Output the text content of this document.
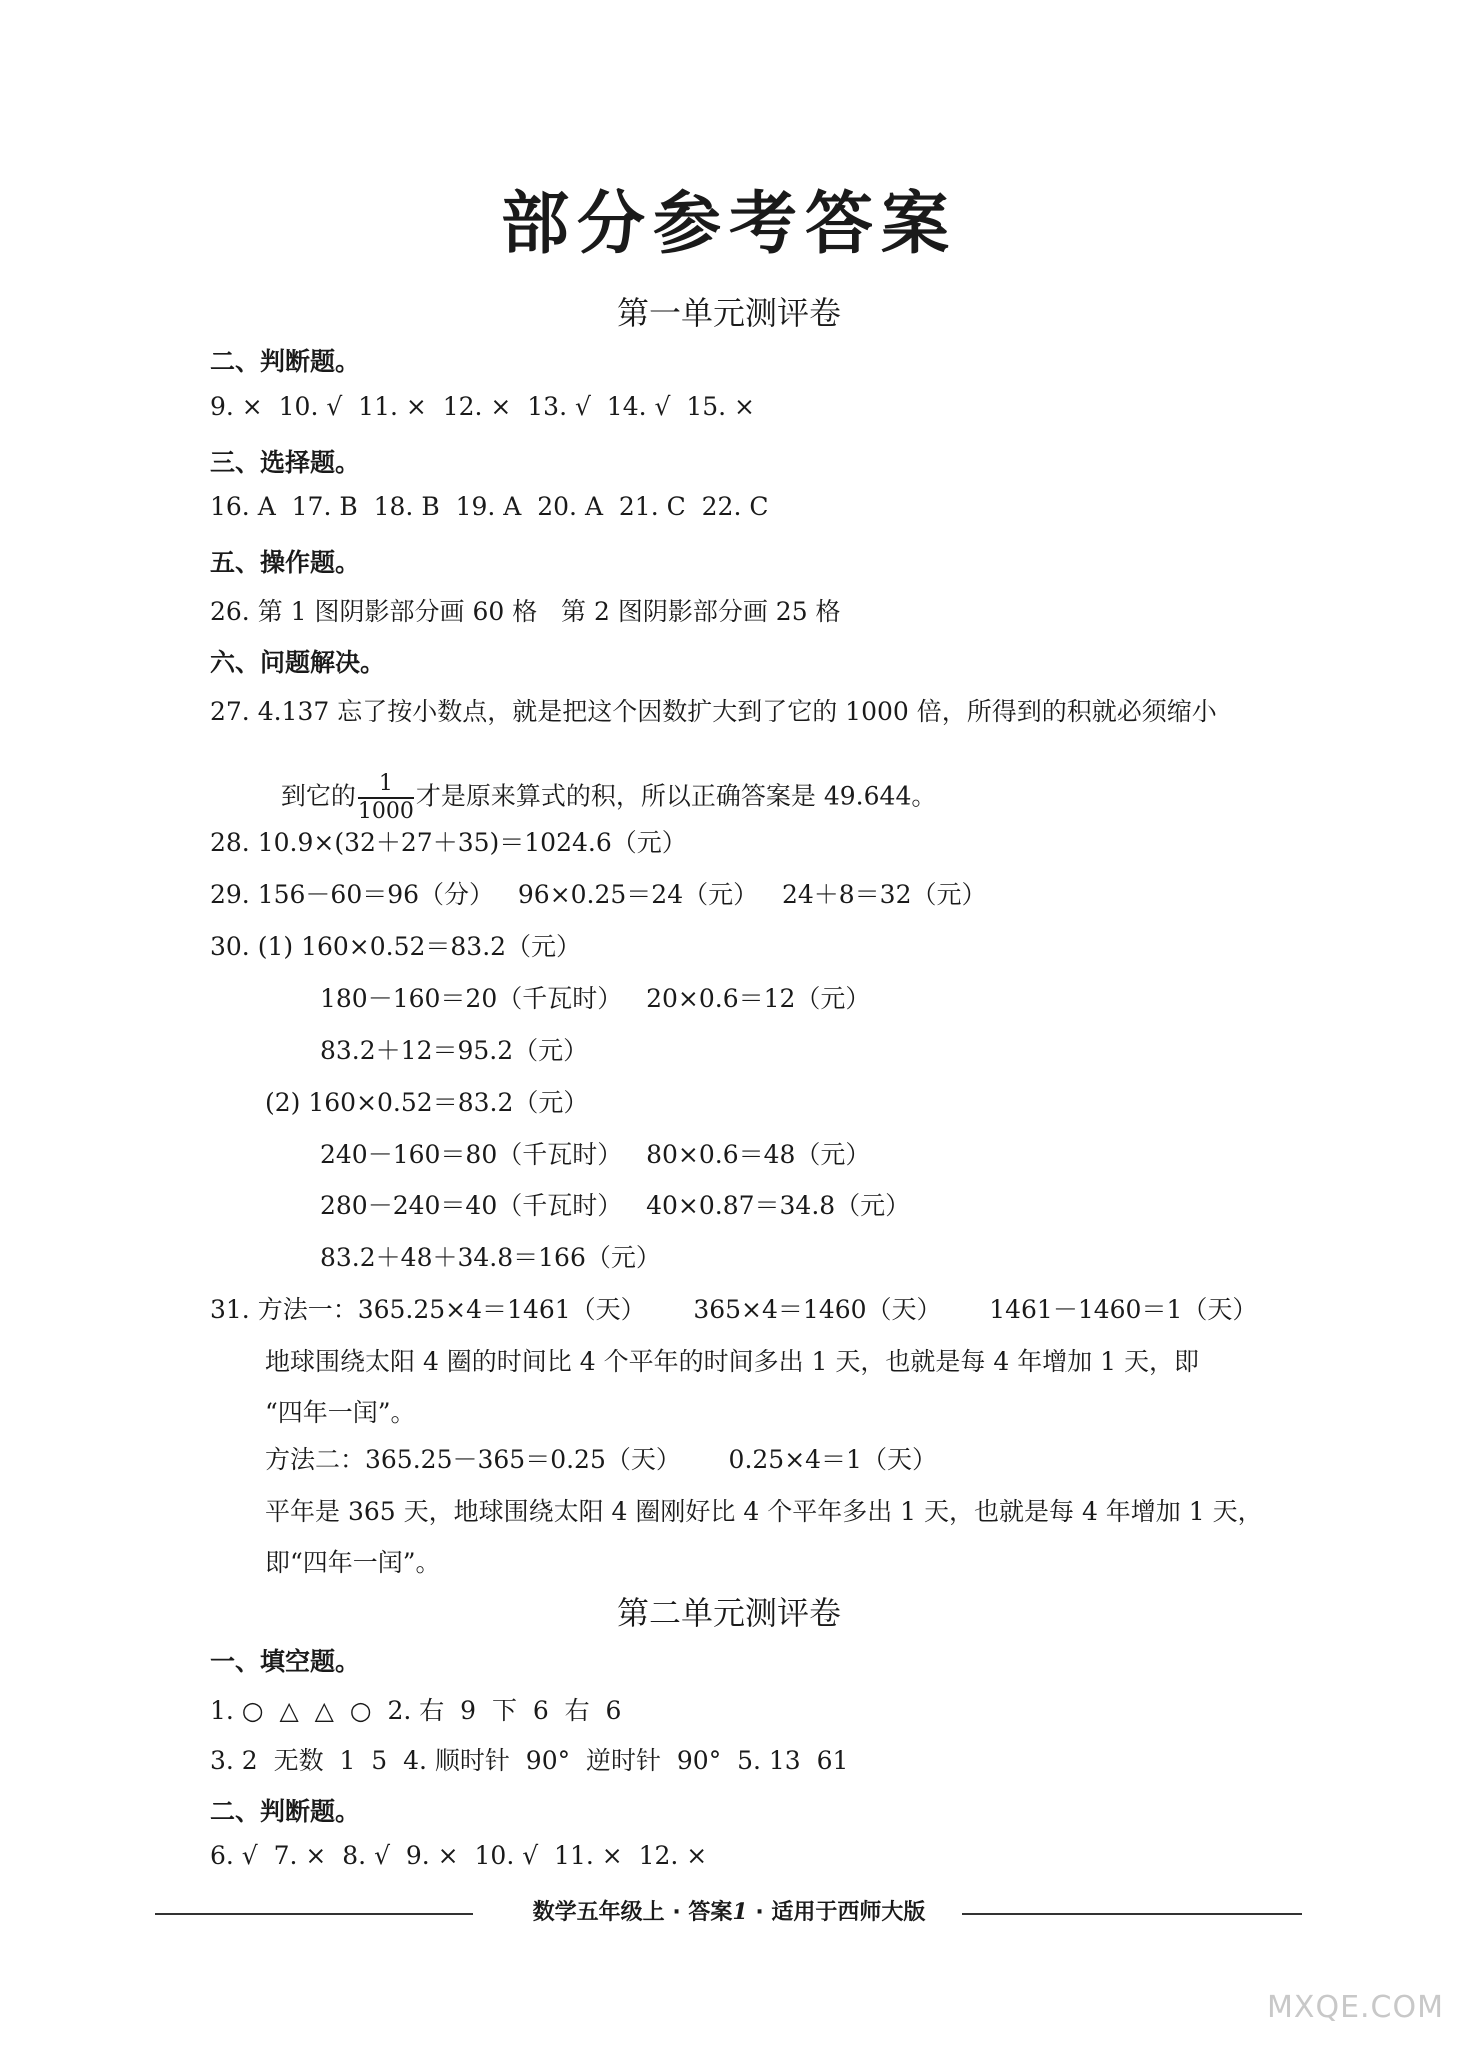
部分参考答案
第一单元测评卷
二、判断题。
9. ×  10. √  11. ×  12. ×  13. √  14. √  15. ×
三、选择题。
16. A  17. B  18. B  19. A  20. A  21. C  22. C
五、操作题。
26. 第 1 图阴影部分画 60 格   第 2 图阴影部分画 25 格
六、问题解决。
27. 4.137 忘了按小数点，就是把这个因数扩大到了它的 1000 倍，所得到的积就必须缩小

到它的 $\frac{1}{1000}$ 才是原来算式的积，所以正确答案是 49.644。

28. 10.9×(32＋27＋35)＝1024.6（元）
29. 156－60＝96（分）   96×0.25＝24（元）   24＋8＝32（元）
30. (1) 160×0.52＝83.2（元）
180－160＝20（千瓦时）   20×0.6＝12（元）
83.2＋12＝95.2（元）
(2) 160×0.52＝83.2（元）
240－160＝80（千瓦时）   80×0.6＝48（元）
280－240＝40（千瓦时）   40×0.87＝34.8（元）
83.2＋48＋34.8＝166（元）
31. 方法一：365.25×4＝1461（天）      365×4＝1460（天）      1461－1460＝1（天）
地球围绕太阳 4 圈的时间比 4 个平年的时间多出 1 天，也就是每 4 年增加 1 天，即
“四年一闰”。
方法二：365.25－365＝0.25（天）      0.25×4＝1（天）
平年是 365 天，地球围绕太阳 4 圈刚好比 4 个平年多出 1 天，也就是每 4 年增加 1 天，
即“四年一闰”。
第二单元测评卷
一、填空题。
1. ○  △  △  ○  2. 右  9  下  6  右  6
3. 2  无数  1  5  4. 顺时针  90°  逆时针  90°  5. 13  61
二、判断题。
6. √  7. ×  8. √  9. ×  10. √  11. ×  12. ×
数学五年级上 · 答案1 · 适用于西师大版
MXQE.COM
